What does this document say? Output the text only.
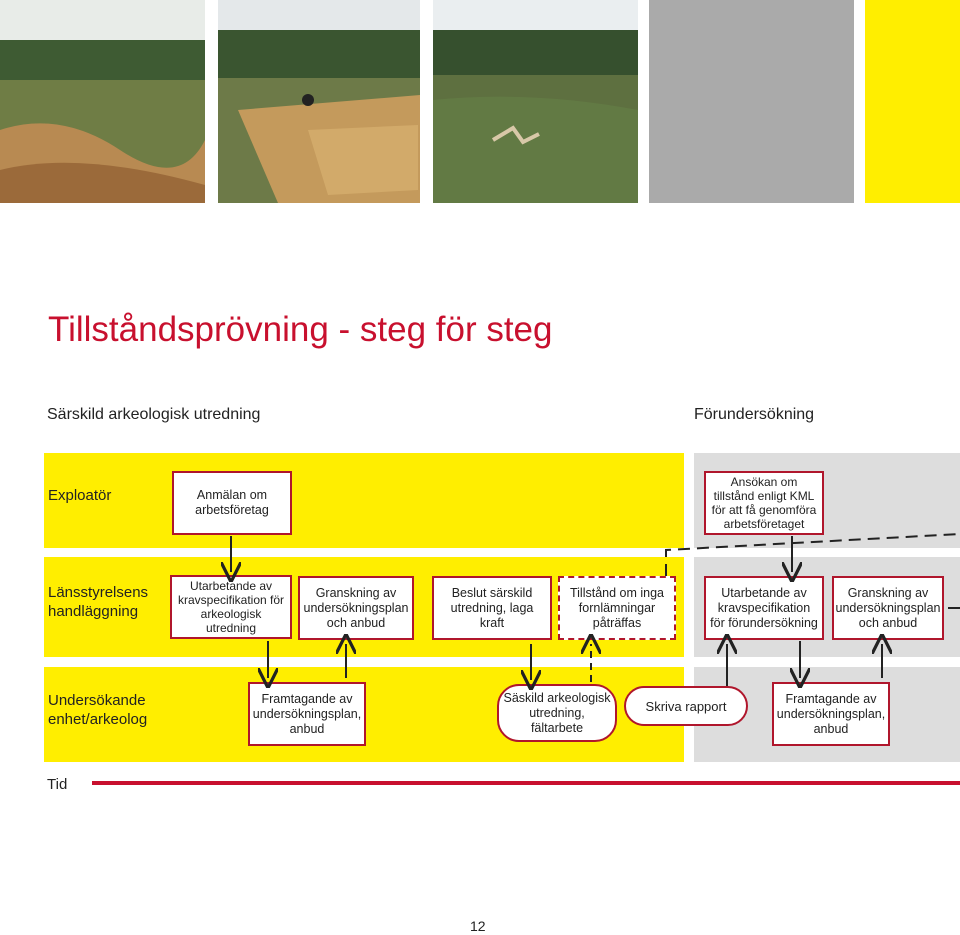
Tillståndsprövning - steg för steg
Särskild arkeologisk utredning	Förundersökning
Exploatör
Länsstyrelsens handläggning
Undersökande enhet/arkeolog
Anmälan om arbetsföretag
Ansökan om tillstånd enligt KML för att få genomföra arbetsföretaget
Utarbetande av kravspecifikation för arkeologisk utredning
Granskning av undersökningsplan och anbud
Beslut särskild utredning, laga kraft
Tillstånd om inga fornlämningar påträffas
Utarbetande av kravspecifikation för förundersökning
Granskning av undersökningsplan och anbud
Framtagande av undersökningsplan, anbud
Säskild arkeologisk utredning, fältarbete
Skriva rapport	Framtagande av undersökningsplan, anbud
Tid
12
